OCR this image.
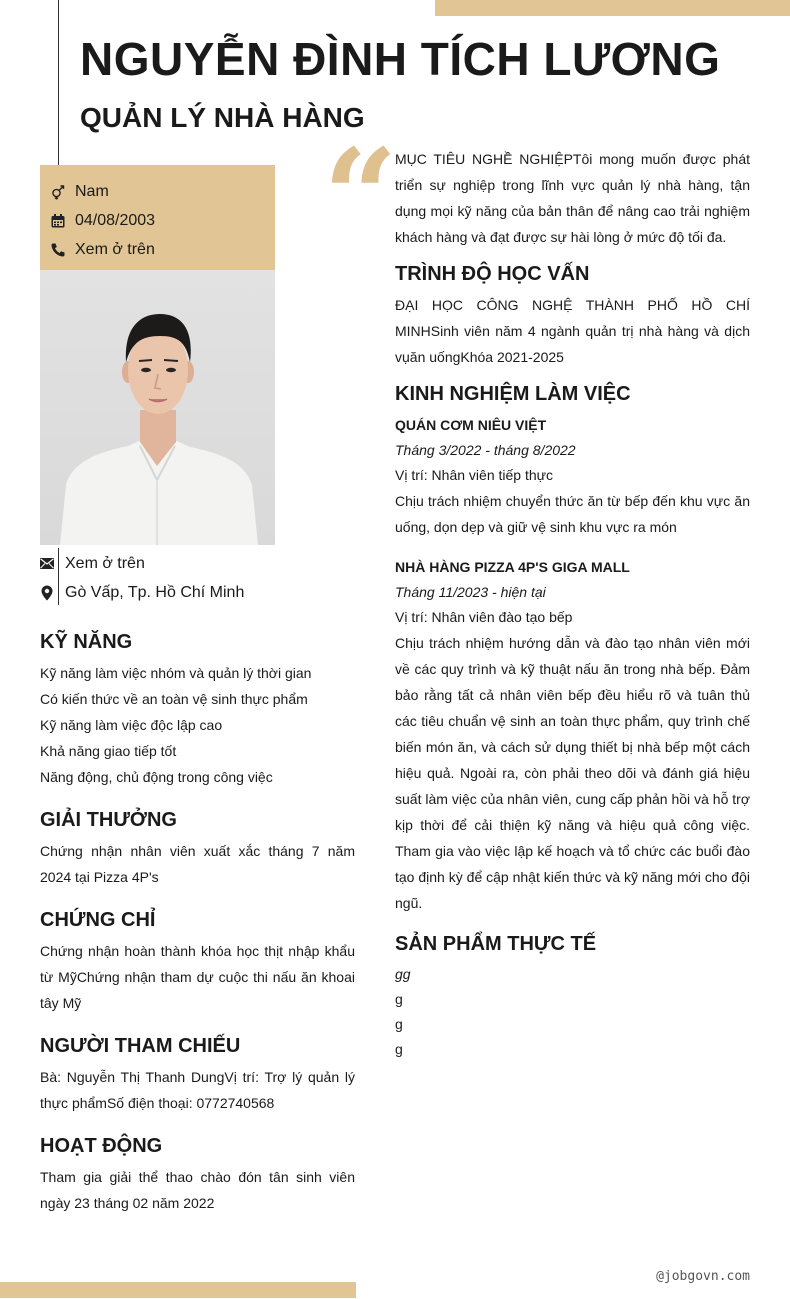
NGUYỄN ĐÌNH TÍCH LƯƠNG
QUẢN LÝ NHÀ HÀNG
Nam
04/08/2003
Xem ở trên
Xem ở trên
Gò Vấp, Tp. Hồ Chí Minh
KỸ NĂNG
Kỹ năng làm việc nhóm và quản lý thời gian
Có kiến thức về an toàn vệ sinh thực phẩm
Kỹ năng làm việc độc lập cao
Khả năng giao tiếp tốt
Năng động, chủ động trong công việc
GIẢI THƯỞNG
Chứng nhận nhân viên xuất xắc tháng 7 năm 2024 tại Pizza 4P's
CHỨNG CHỈ
Chứng nhận hoàn thành khóa học thịt nhập khẩu từ MỹChứng nhận tham dự cuộc thi nấu ăn khoai tây Mỹ
NGƯỜI THAM CHIẾU
Bà: Nguyễn Thị Thanh DungVị trí: Trợ lý quản lý thực phẩmSố điện thoại: 0772740568
HOẠT ĐỘNG
Tham gia giải thể thao chào đón tân sinh viên ngày 23 tháng 02 năm 2022
“
MỤC TIÊU NGHỀ NGHIỆPTôi mong muốn được phát triển sự nghiệp trong lĩnh vực quản lý nhà hàng, tận dụng mọi kỹ năng của bản thân để nâng cao trải nghiệm khách hàng và đạt được sự hài lòng ở mức độ tối đa.
TRÌNH ĐỘ HỌC VẤN
ĐẠI HỌC CÔNG NGHỆ THÀNH PHỐ HỒ CHÍ MINHSinh viên năm 4 ngành quản trị nhà hàng và dịch vụăn uốngKhóa 2021-2025
KINH NGHIỆM LÀM VIỆC
QUÁN CƠM NIÊU VIỆT
Tháng 3/2022 - tháng 8/2022
Vị trí: Nhân viên tiếp thực
Chịu trách nhiệm chuyển thức ăn từ bếp đến khu vực ăn uống, dọn dẹp và giữ vệ sinh khu vực ra món
NHÀ HÀNG PIZZA 4P'S GIGA MALL
Tháng 11/2023 - hiện tại
Vị trí: Nhân viên đào tạo bếp
Chịu trách nhiệm hướng dẫn và đào tạo nhân viên mới về các quy trình và kỹ thuật nấu ăn trong nhà bếp. Đảm bảo rằng tất cả nhân viên bếp đều hiểu rõ và tuân thủ các tiêu chuẩn vệ sinh an toàn thực phẩm, quy trình chế biến món ăn, và cách sử dụng thiết bị nhà bếp một cách hiệu quả. Ngoài ra, còn phải theo dõi và đánh giá hiệu suất làm việc của nhân viên, cung cấp phản hồi và hỗ trợ kịp thời để cải thiện kỹ năng và hiệu quả công việc. Tham gia vào việc lập kế hoạch và tổ chức các buổi đào tạo định kỳ để cập nhật kiến thức và kỹ năng mới cho đội ngũ.
SẢN PHẨM THỰC TẾ
gg
g
g
g
@jobgovn.com
